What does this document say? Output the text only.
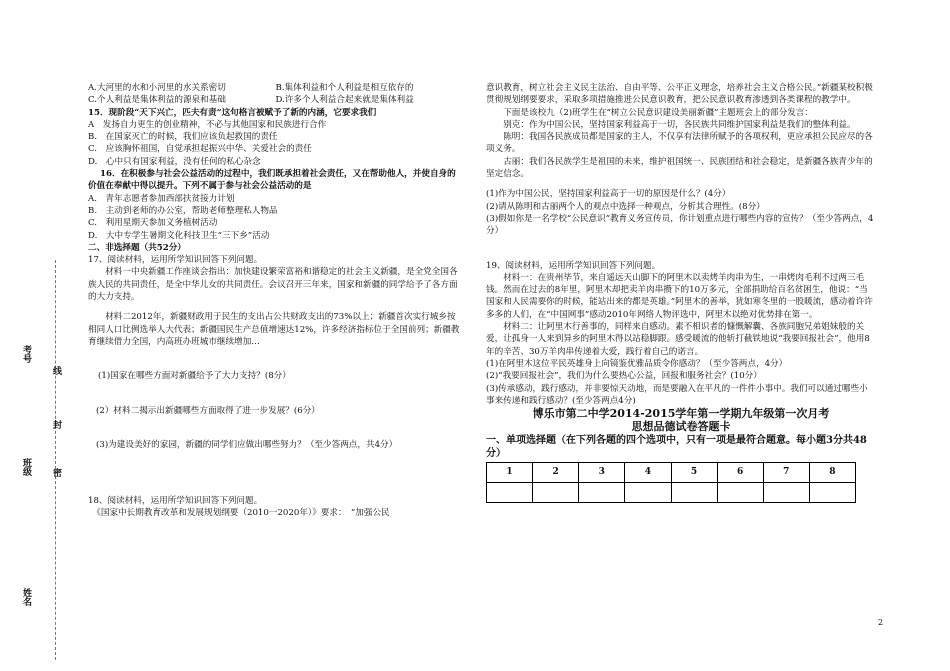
考号
线
封
班级 密
姓名
A.大河里的水和小河里的水关系密切	B.集体利益和个人利益是相互依存的
C.个人利益是集体利益的源泉和基础	D.许多个人利益合起来就是集体利益

15．现阶段“天下兴亡，匹夫有责”这句格言被赋予了新的内涵，它要求我们

A　发扬自力更生的创业精神，不必与其他国家和民族进行合作

B.　在国家灭亡的时候，我们应该负起救国的责任

C.　应该胸怀祖国，自觉承担起振兴中华、关爱社会的责任

D.　心中只有国家利益，没有任何的私心杂念

16．在积极参与社会公益活动的过程中，我们既承担着社会责任，又在帮助他人，并使自身的价值在奉献中得以提升。下列不属于参与社会公益活动的是

A.　青年志愿者参加西部扶贫接力计划

B.　主动到老师的办公室，帮助老师整理私人物品

C.　利用星期天参加义务植树活动

D.　大中专学生暑期文化科技卫生“三下乡”活动

二、非选择题（共52分）

17、阅读材料，运用所学知识回答下列问题。

　　材料一中央新疆工作座谈会指出：加快建设繁荣富裕和谐稳定的社会主义新疆，是全党全国各族人民的共同责任，是全中华儿女的共同责任。会议召开三年来，国家和新疆的同学给予了各方面的大力支持。

　　材料二2012年，新疆财政用于民生的支出占公共财政支出的73%以上；新疆首次实行城乡按相同人口比例选举人大代表；新疆国民生产总值增速达12%，许多经济指标位于全国前列；新疆教育继续借力全国，内高班办班城市继续增加…

(1)国家在哪些方面对新疆给予了大力支持？(8分）

(2）材料二揭示出新疆哪些方面取得了进一步发展？(6分）

(3)为建设美好的家园，新疆的同学们应做出哪些努力？（至少答两点，共4分）

18、阅读材料，运用所学知识回答下列问题。

　《国家中长期教育改革和发展规划纲要（2010一2020年）》要求：　“加强公民

意识教育，树立社会主义民主法治、自由平等、公平正义理念，培养社会主义合格公民。”新疆某校积极贯彻规划纲要要求，采取多项措施推进公民意识教育，把公民意识教育渗透到各类课程的教学中。

　　下面是该校九（2)班学生在“树立公民意识建设美丽新疆”主题班会上的部分发言：

　　别克：作为中国公民，坚持国家利益高于一切，各民族共同维护国家利益是我们的整体利益。

　　陈明：我国各民族成员都是国家的主人，不仅享有法律所赋予的各项权利，更应承担公民应尽的各项义务。

　　古丽：我们各民族学生是祖国的未来，维护祖国统一、民族团结和社会稳定，是新疆各族青少年的坚定信念。

(1)作为中国公民，坚持国家利益高于一切的原因是什么？(4分）

(2)请从陈明和古丽两个人的观点中选择一种观点，分析其合理性。(8分）

(3)假如你是一名学校“公民意识”教育义务宣传员，你计划重点进行哪些内容的宣传？（至少答两点，4分）

19、阅读材料，运用所学知识回答下列问题。

　　材料一：在贵州毕节，来自遥远天山脚下的阿里木以卖烤羊肉串为生，一串烤肉毛利不过两三毛钱。然而在过去的8年里，阿里木却把卖羊肉串攒下的10万多元，全部捐助给百名贫困生，他说：“当国家和人民需要你的时候，能站出来的都是英雄。”阿里木的善举，犹如寒冬里的一股暖流，感动着许许多多的人们，在“中国网事”感动2010年网络人物评选中，阿里木以绝对优势排在第一。

　　材料二：让阿里木行善事的，同样来自感动。素不相识者的慷慨解囊、各族同胞兄弟姐妹般的关爱，让孤身一人来到异乡的阿里木得以站稳脚跟。感受暖流的他斩打截铁地说“我要回报社会”，他用8年的辛苦、30万羊肉串传递着大爱，践行着自己的诺言。

(1)在阿里木这位平民英雄身上向镜鉴优雅品质令你感动？（至少答两点，4分）

(2)“我要回报社会”，我们为什么要热心公益，回报和服务社会？(10分）

(3)传承感动，践行感动，并非要惊天动地，而是要融入在平凡的一件件小事中。我们可以通过哪些小事来传递和践行感动？(至少答两点4分)

博乐市第二中学2014-2015学年第一学期九年级第一次月考
思想品德试卷答题卡
一、单项选择题（在下列各题的四个选项中，只有一项是最符合题意。每小题3分共48分）
1	2	3	4	5	6	7	8

2
